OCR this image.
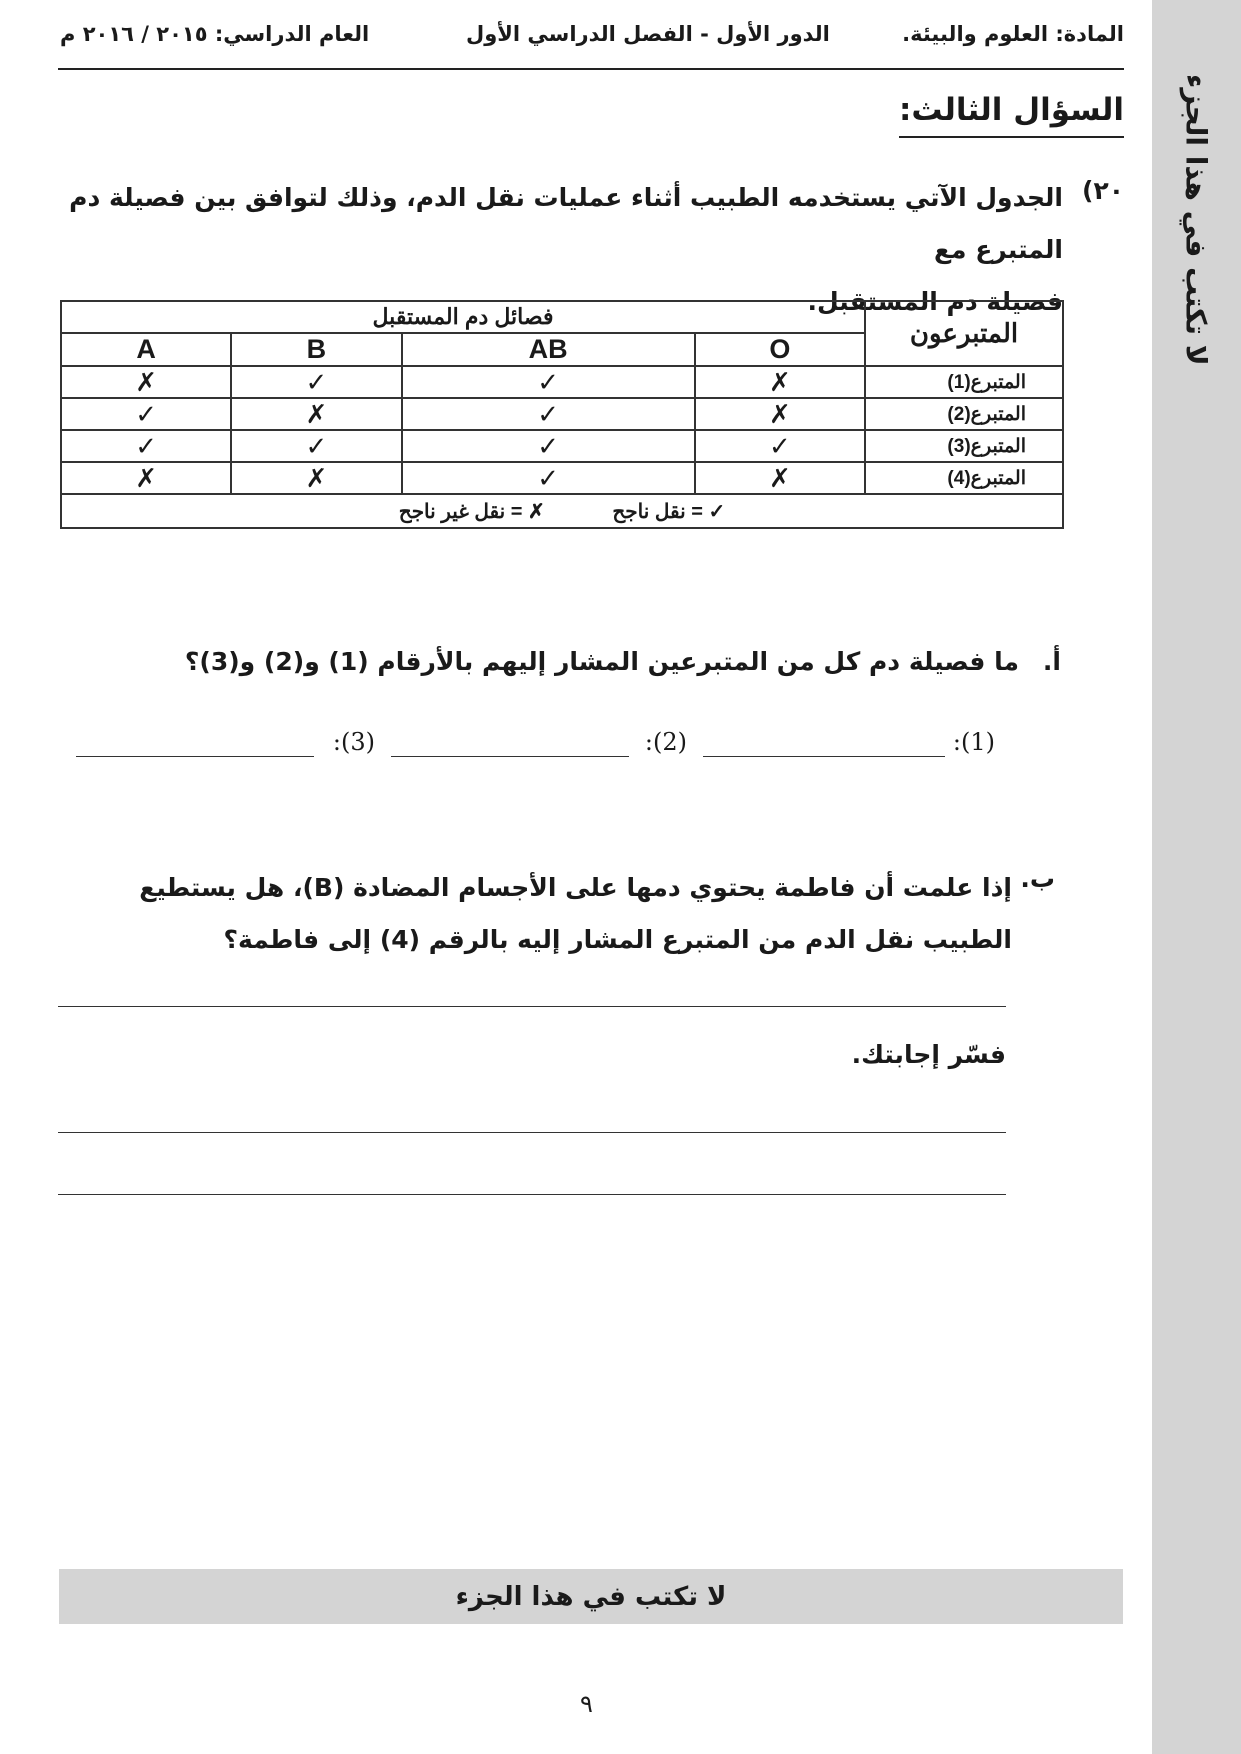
لا تكتب في هذا الجزء
المادة: العلوم والبيئة.
الدور الأول - الفصل الدراسي الأول
العام الدراسي: ٢٠١٥ / ٢٠١٦ م
السؤال الثالث:
٢٠)
الجدول الآتي يستخدمه الطبيب أثناء عمليات نقل الدم، وذلك لتوافق بين فصيلة دم المتبرع مع

فصيلة دم المستقبل.
المتبرعون	فصائل دم المستقبل			
	O	AB	B	A
المتبرع(1)	✗	✓	✓	✗
المتبرع(2)	✗	✓	✗	✓
المتبرع(3)	✓	✓	✓	✓
المتبرع(4)	✗	✓	✗	✗
✓ = نقل ناجح          ✗ = نقل غير ناجح				
أ.
ما فصيلة دم كل من المتبرعين المشار إليهم بالأرقام (1) و(2) و(3)؟
:(1)
:(2)
:(3)
ب.
إذا علمت أن فاطمة يحتوي دمها على الأجسام المضادة (B)، هل يستطيع الطبيب نقل الدم من المتبرع المشار إليه بالرقم (4) إلى فاطمة؟
فسّر إجابتك.
لا تكتب في هذا الجزء
٩
